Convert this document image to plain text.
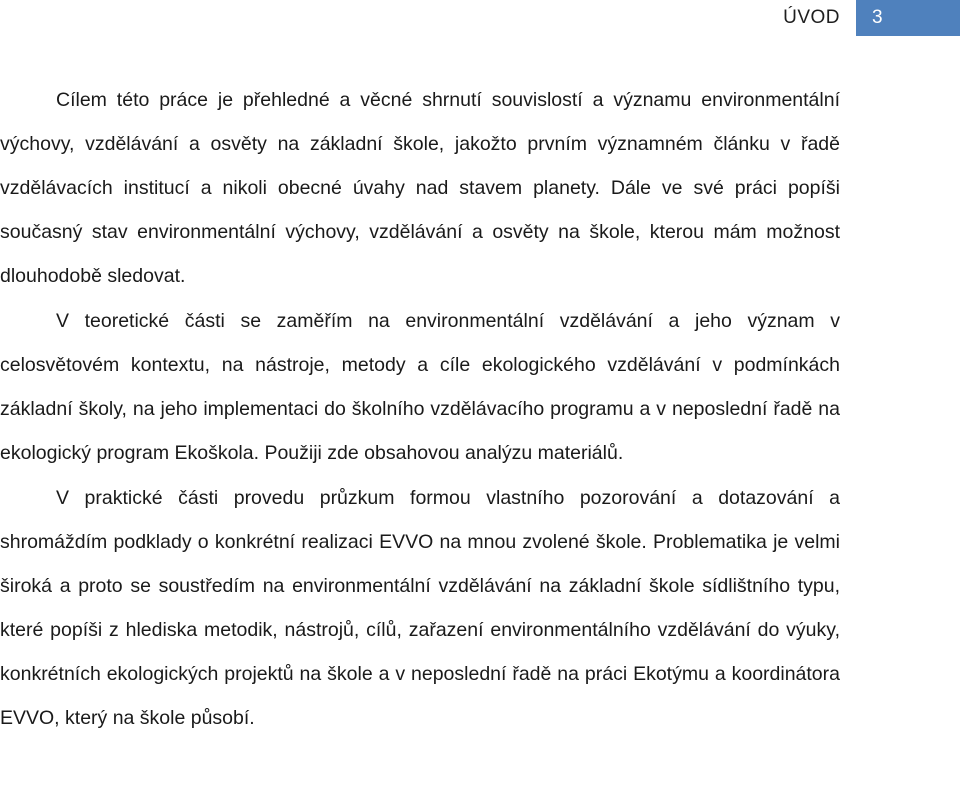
ÚVOD	3

Cílem této práce je přehledné a věcné shrnutí souvislostí a významu environmentální výchovy, vzdělávání a osvěty na základní škole, jakožto prvním významném článku v řadě vzdělávacích institucí a nikoli obecné úvahy nad stavem planety. Dále ve své práci popíši současný stav environmentální výchovy, vzdělávání a osvěty na škole, kterou mám možnost dlouhodobě sledovat.

V teoretické části se zaměřím na environmentální vzdělávání a jeho význam v celosvětovém kontextu, na nástroje, metody a cíle ekologického vzdělávání v podmínkách základní školy, na jeho implementaci do školního vzdělávacího programu a v neposlední řadě na ekologický program Ekoškola. Použiji zde obsahovou analýzu materiálů.

V praktické části provedu průzkum formou vlastního pozorování a dotazování a shromáždím podklady o konkrétní realizaci EVVO na mnou zvolené škole. Problematika je velmi široká a proto se soustředím na environmentální vzdělávání na základní škole sídlištního typu, které popíši z hlediska metodik, nástrojů, cílů, zařazení environmentálního vzdělávání do výuky, konkrétních ekologických projektů na škole a v neposlední řadě na práci Ekotýmu a koordinátora EVVO, který na škole působí.
